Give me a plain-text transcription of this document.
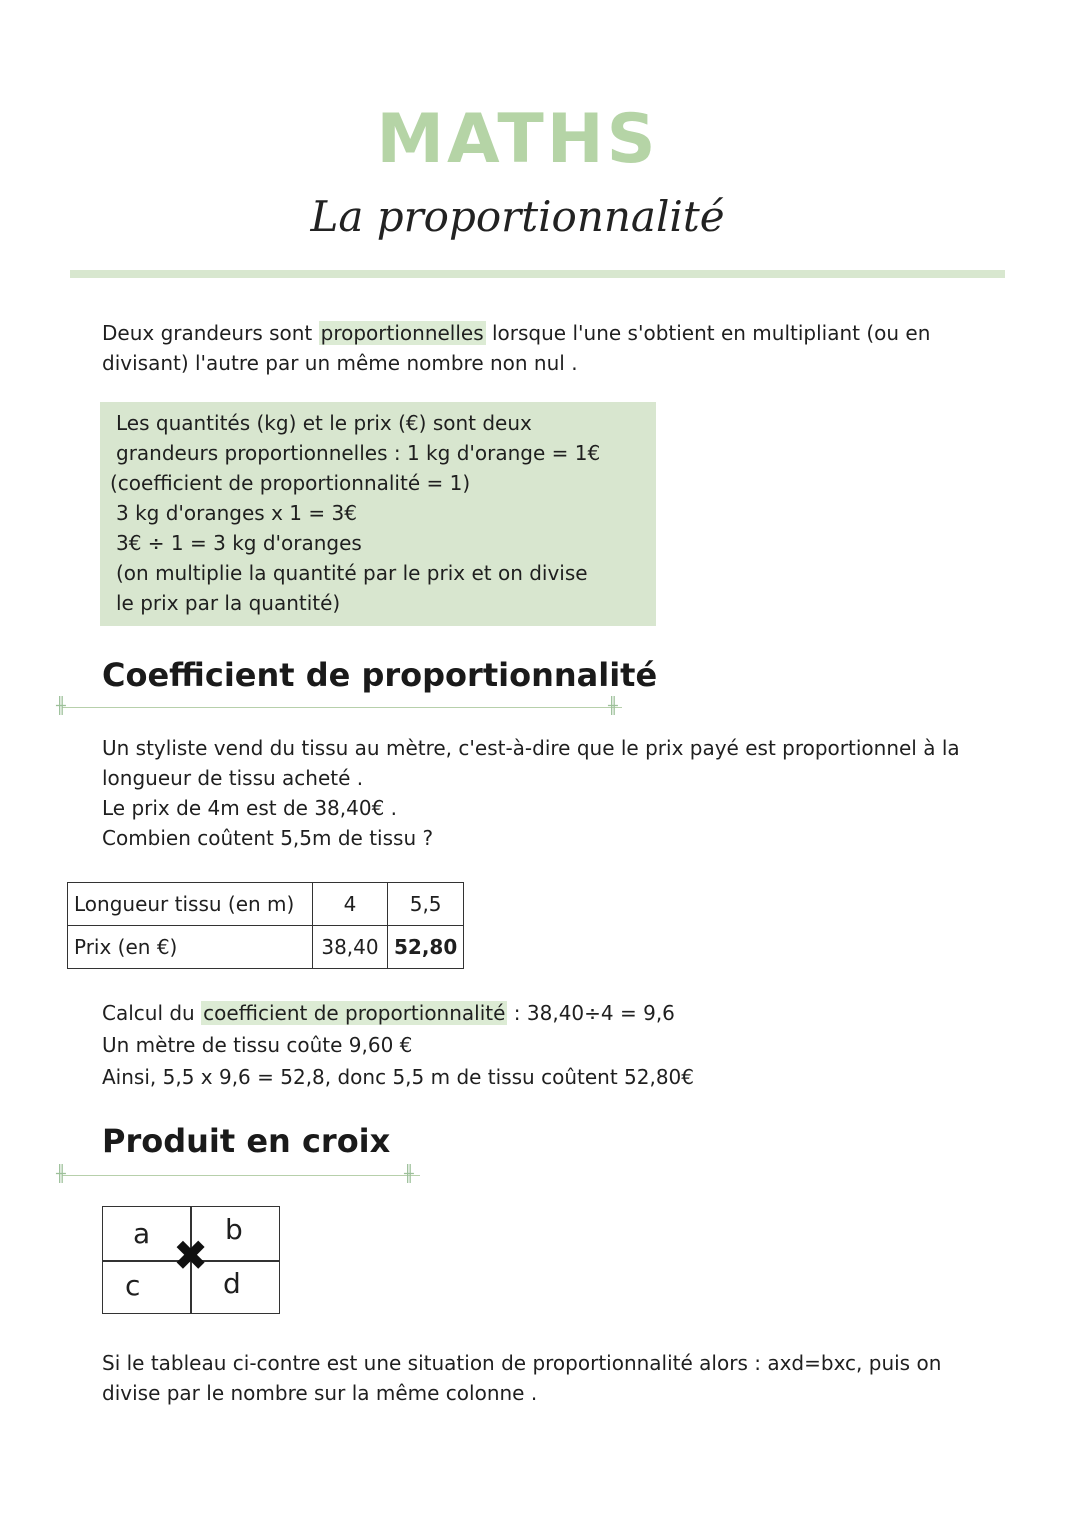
MATHS
La proportionnalité
Deux grandeurs sont proportionnelles lorsque l'une s'obtient en multipliant (ou en
divisant) l'autre par un même nombre non nul .
Les quantités (kg) et le prix (€) sont deux
grandeurs proportionnelles : 1 kg d'orange = 1€
(coefficient de proportionnalité = 1)
3 kg d'oranges x 1 = 3€
3€ ÷ 1 = 3 kg d'oranges
(on multiplie la quantité par le prix et on divise
le prix par la quantité)
Coefficient de proportionnalité
╫	╫
Un styliste vend du tissu au mètre, c'est-à-dire que le prix payé est proportionnel à la
longueur de tissu acheté .
Le prix de 4m est de 38,40€ .
Combien coûtent 5,5m de tissu ?
Longueur tissu (en m)	4	5,5
Prix (en €)	38,40	52,80
Calcul du coefficient de proportionnalité : 38,40÷4 = 9,6
Un mètre de tissu coûte 9,60 €
Ainsi, 5,5 x 9,6 = 52,8, donc 5,5 m de tissu coûtent 52,80€
Produit en croix
╫	╫
a	b
c	d
✖
Si le tableau ci-contre est une situation de proportionnalité alors : axd=bxc, puis on
divise par le nombre sur la même colonne .
